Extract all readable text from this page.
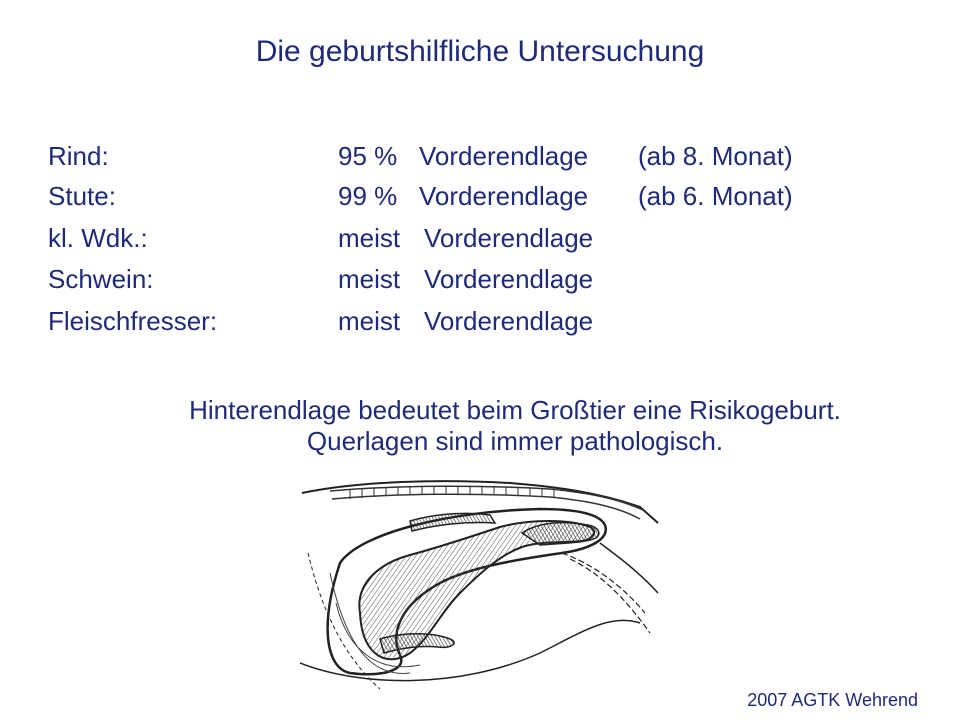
Die geburtshilfliche Untersuchung
Rind:	95 % Vorderendlage (ab 8. Monat)
Stute:	99 % Vorderendlage (ab 6. Monat)
kl. Wdk.:	meist Vorderendlage
Schwein:	meist Vorderendlage
Fleischfresser:	meist Vorderendlage
Hinterendlage bedeutet beim Großtier eine Risikogeburt.
Querlagen sind immer pathologisch.
2007 AGTK Wehrend
